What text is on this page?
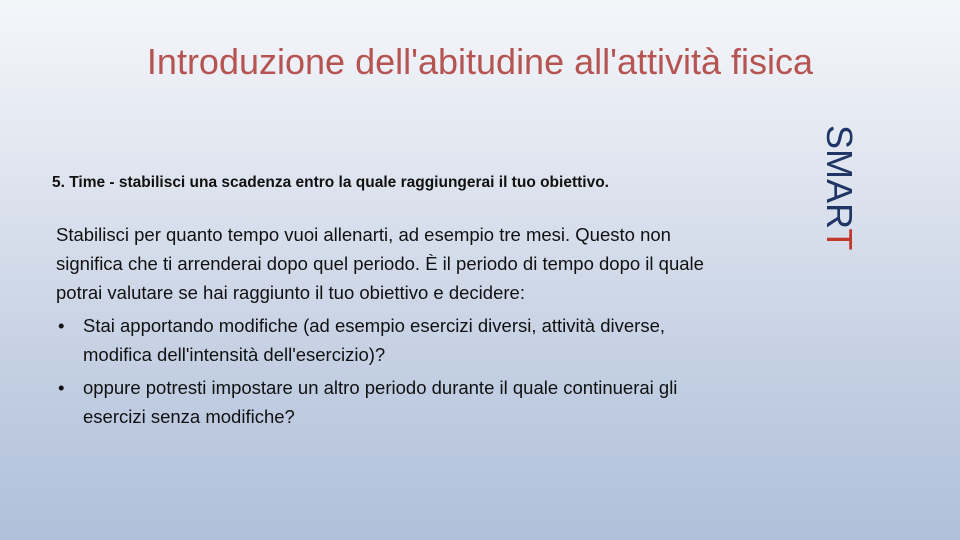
Introduzione dell'abitudine all'attività fisica
5. Time - stabilisci una scadenza entro la quale raggiungerai il tuo obiettivo.	SMART

Stabilisci per quanto tempo vuoi allenarti, ad esempio tre mesi. Questo non significa che ti arrenderai dopo quel periodo. È il periodo di tempo dopo il quale potrai valutare se hai raggiunto il tuo obiettivo e decidere:

• Stai apportando modifiche (ad esempio esercizi diversi, attività diverse, modifica dell'intensità dell'esercizio)?
• oppure potresti impostare un altro periodo durante il quale continuerai gli esercizi senza modifiche?
